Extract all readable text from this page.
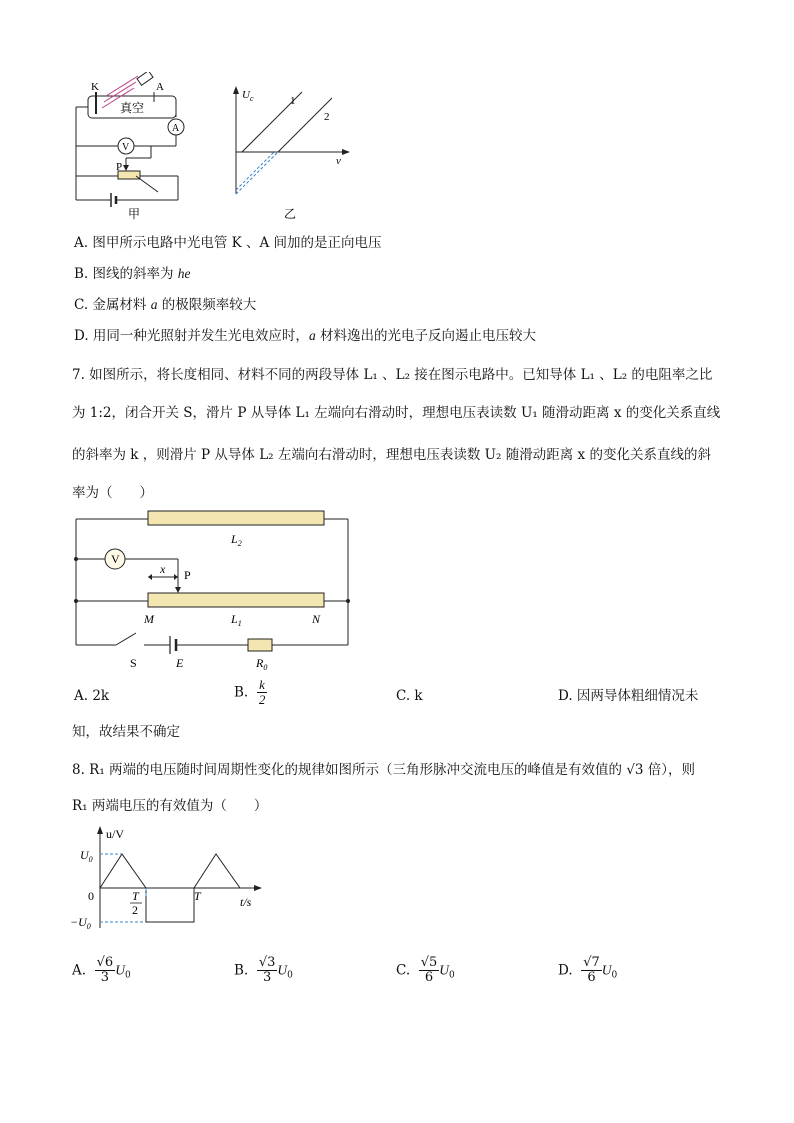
K	A
真空
V
A
P
甲
$U_c$
ν
1
2
乙
A. 图甲所示电路中光电管 K 、A 间加的是正向电压
B. 图线的斜率为 he
C. 金属材料 a 的极限频率较大
D. 用同一种光照射并发生光电效应时，a 材料逸出的光电子反向遏止电压较大
7. 如图所示，将长度相同、材料不同的两段导体 L₁ 、L₂ 接在图示电路中。已知导体 L₁ 、L₂ 的电阻率之比
为 1:2，闭合开关 S，滑片 P 从导体 L₁ 左端向右滑动时，理想电压表读数 U₁ 随滑动距离 x 的变化关系直线
的斜率为 k ，则滑片 P 从导体 L₂ 左端向右滑动时，理想电压表读数 U₂ 随滑动距离 x 的变化关系直线的斜
率为（　　）
V
$L_2$
$L_1$
x P
M	N
S	E	$R_0$
A. 2k	B. $\frac{k}{2}$	C. k	D. 因两导体粗细情况未
知，故结果不确定
8. R₁ 两端的电压随时间周期性变化的规律如图所示（三角形脉冲交流电压的峰值是有效值的 √3 倍），则
R₁ 两端电压的有效值为（　　）
u/V
$U_0$
0
$-U_0$
T
2
T	t/s
A. $\frac{√6}{3} U_0$	B. $\frac{√3}{3} U_0$	C. $\frac{√5}{6} U_0$	D. $\frac{√7}{6} U_0$
